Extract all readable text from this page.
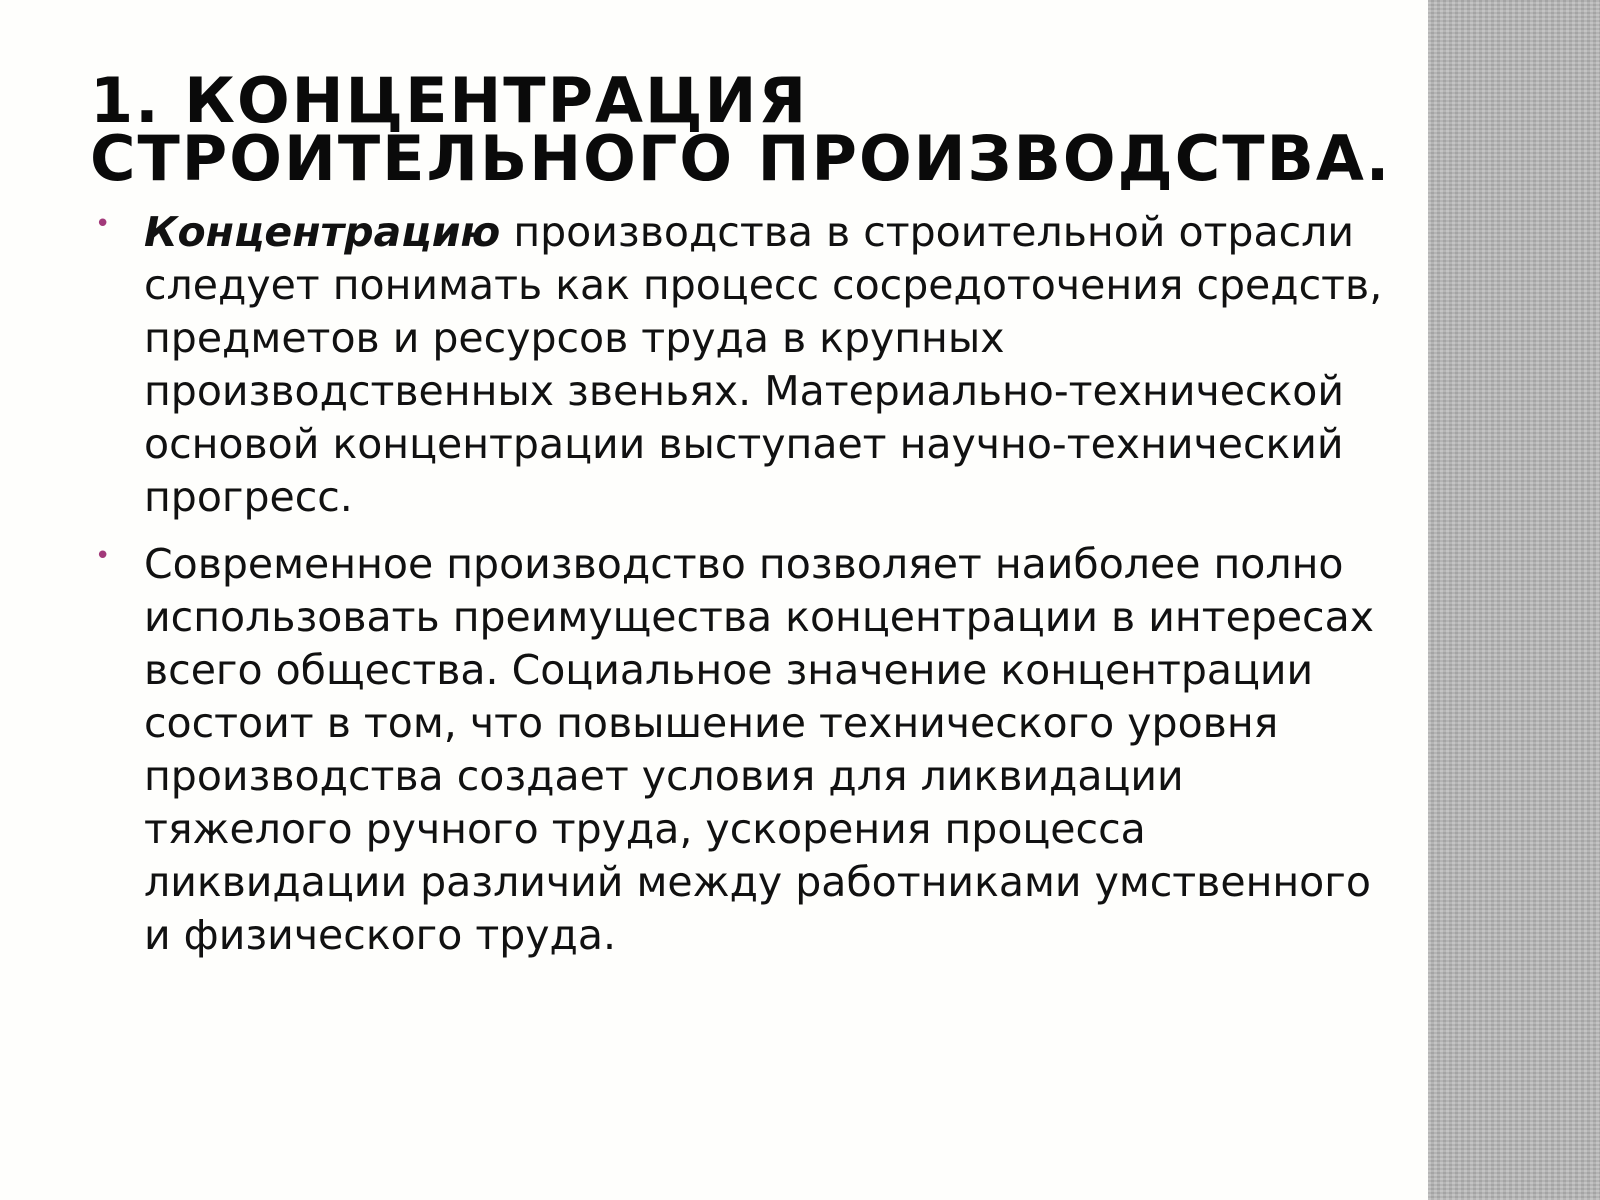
1. КОНЦЕНТРАЦИЯ СТРОИТЕЛЬНОГО ПРОИЗВОДСТВА.
• Концентрацию производства в строительной отрасли следует понимать как процесс сосредоточения средств, предметов и ресурсов труда в крупных производственных звеньях. Материально-технической основой концентрации выступает научно-технический прогресс.
• Современное производство позволяет наиболее полно использовать преимущества концентрации в интересах всего общества. Социальное значение концентрации состоит в том, что повышение технического уровня производства создает условия для ликвидации тяжелого ручного труда, ускорения процесса ликвидации различий между работниками умственного и физического труда.
